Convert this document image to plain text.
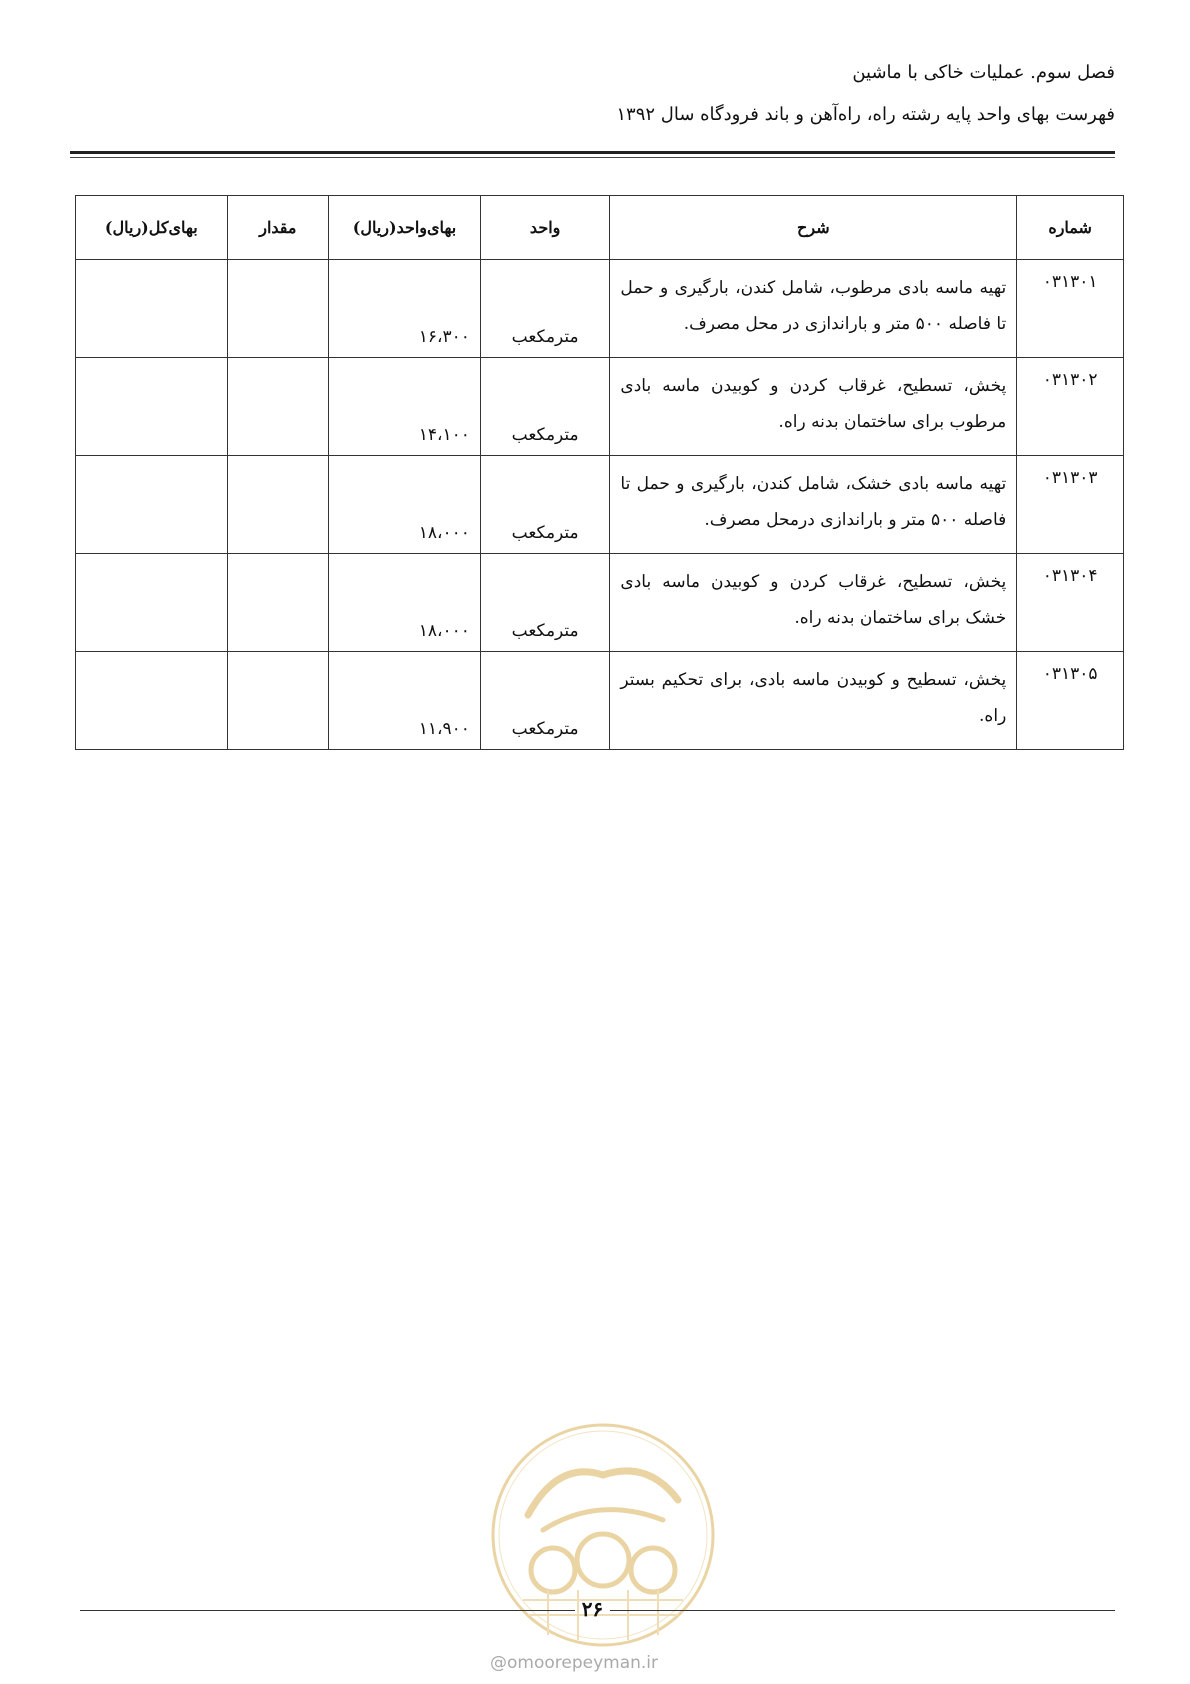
فصل سوم. عملیات خاکی با ماشین
فهرست بهای واحد پایه رشته راه، راه‌آهن و باند فرودگاه سال ۱۳۹۲
شماره	شرح	واحد	بهای‌واحد(ریال)	مقدار	بهای‌کل(ریال)
۰۳۱۳۰۱	تهیه ماسه بادی مرطوب، شامل کندن، بارگیری و حمل تا فاصله ۵۰۰ متر و باراندازی در محل مصرف.	مترمکعب	۱۶،۳۰۰		
۰۳۱۳۰۲	پخش، تسطیح، غرقاب کردن و کوبیدن ماسه بادی مرطوب برای ساختمان بدنه راه.	مترمکعب	۱۴،۱۰۰		
۰۳۱۳۰۳	تهیه ماسه بادی خشک، شامل کندن، بارگیری و حمل تا فاصله ۵۰۰ متر و باراندازی درمحل مصرف.	مترمکعب	۱۸،۰۰۰		
۰۳۱۳۰۴	پخش، تسطیح، غرقاب کردن و کوبیدن ماسه بادی خشک برای ساختمان بدنه راه.	مترمکعب	۱۸،۰۰۰		
۰۳۱۳۰۵	پخش، تسطیح و کوبیدن ماسه بادی، برای تحکیم بستر راه.	مترمکعب	۱۱،۹۰۰		
۲۶
@omoorepeyman.ir
